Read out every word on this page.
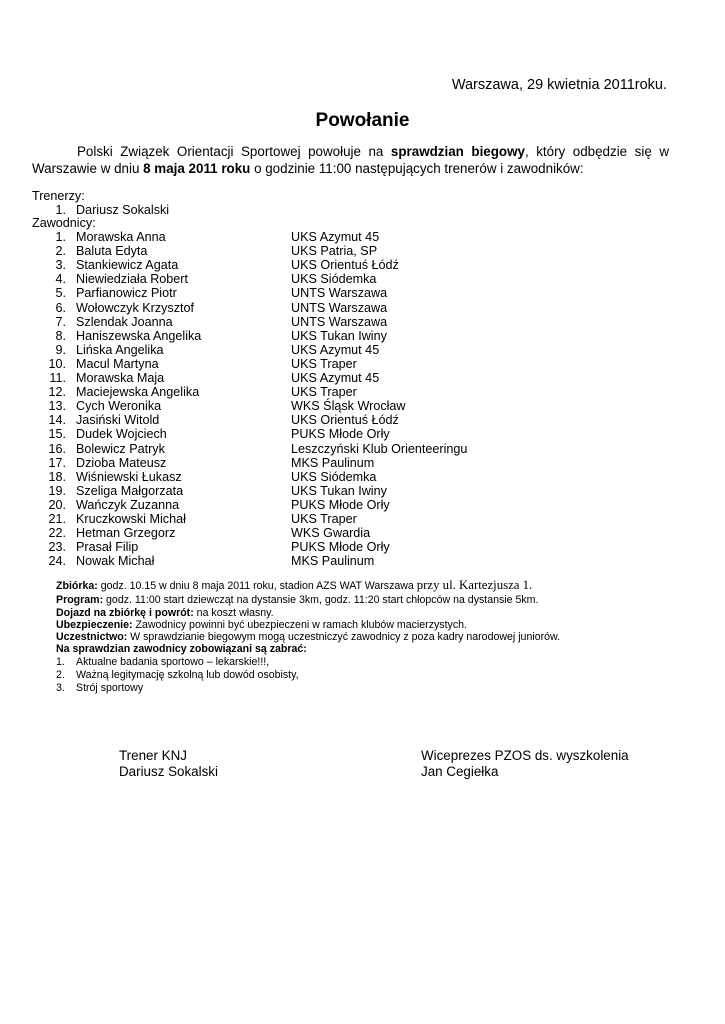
Warszawa, 29 kwietnia 2011roku.
Powołanie
Polski Związek Orientacji Sportowej powołuje na sprawdzian biegowy, który odbędzie się w
Warszawie w dniu 8 maja 2011 roku o godzinie 11:00 następujących trenerów i zawodników:
Trenerzy:
1. Dariusz Sokalski
Zawodnicy:
1. Morawska Anna	UKS Azymut 45
2. Baluta Edyta	UKS Patria, SP
3. Stankiewicz Agata	UKS Orientuś Łódź
4. Niewiedziała Robert	UKS Siódemka
5. Parfianowicz Piotr	UNTS Warszawa
6. Wołowczyk Krzysztof	UNTS Warszawa
7. Szlendak Joanna	UNTS Warszawa
8. Haniszewska Angelika	UKS Tukan Iwiny
9. Lińska Angelika	UKS Azymut 45
10. Macul Martyna	UKS Traper
11. Morawska Maja	UKS Azymut 45
12. Maciejewska Angelika	UKS Traper
13. Cych Weronika	WKS Śląsk Wrocław
14. Jasiński Witold	UKS Orientuś Łódź
15. Dudek Wojciech	PUKS Młode Orły
16. Bolewicz Patryk	Leszczyński Klub Orienteeringu
17. Dzioba Mateusz	MKS Paulinum
18. Wiśniewski Łukasz	UKS Siódemka
19. Szeliga Małgorzata	UKS Tukan Iwiny
20. Wańczyk Zuzanna	PUKS Młode Orły
21. Kruczkowski Michał	UKS Traper
22. Hetman Grzegorz	WKS Gwardia
23. Prasał Filip	PUKS Młode Orły
24. Nowak Michał	MKS Paulinum
Zbiórka: godz. 10.15 w dniu 8 maja 2011 roku, stadion AZS WAT Warszawa przy ul. Kartezjusza 1.
Program: godz. 11:00 start dziewcząt na dystansie 3km, godz. 11:20 start chłopców na dystansie 5km.
Dojazd na zbiórkę i powrót: na koszt własny.
Ubezpieczenie: Zawodnicy powinni być ubezpieczeni w ramach klubów macierzystych.
Uczestnictwo: W sprawdzianie biegowym mogą uczestniczyć zawodnicy z poza kadry narodowej juniorów.
Na sprawdzian zawodnicy zobowiązani są zabrać:
1. Aktualne badania sportowo – lekarskie!!!,
2. Ważną legitymację szkolną lub dowód osobisty,
3. Strój sportowy
Trener KNJ
Dariusz Sokalski
Wiceprezes PZOS ds. wyszkolenia
Jan Cegiełka
